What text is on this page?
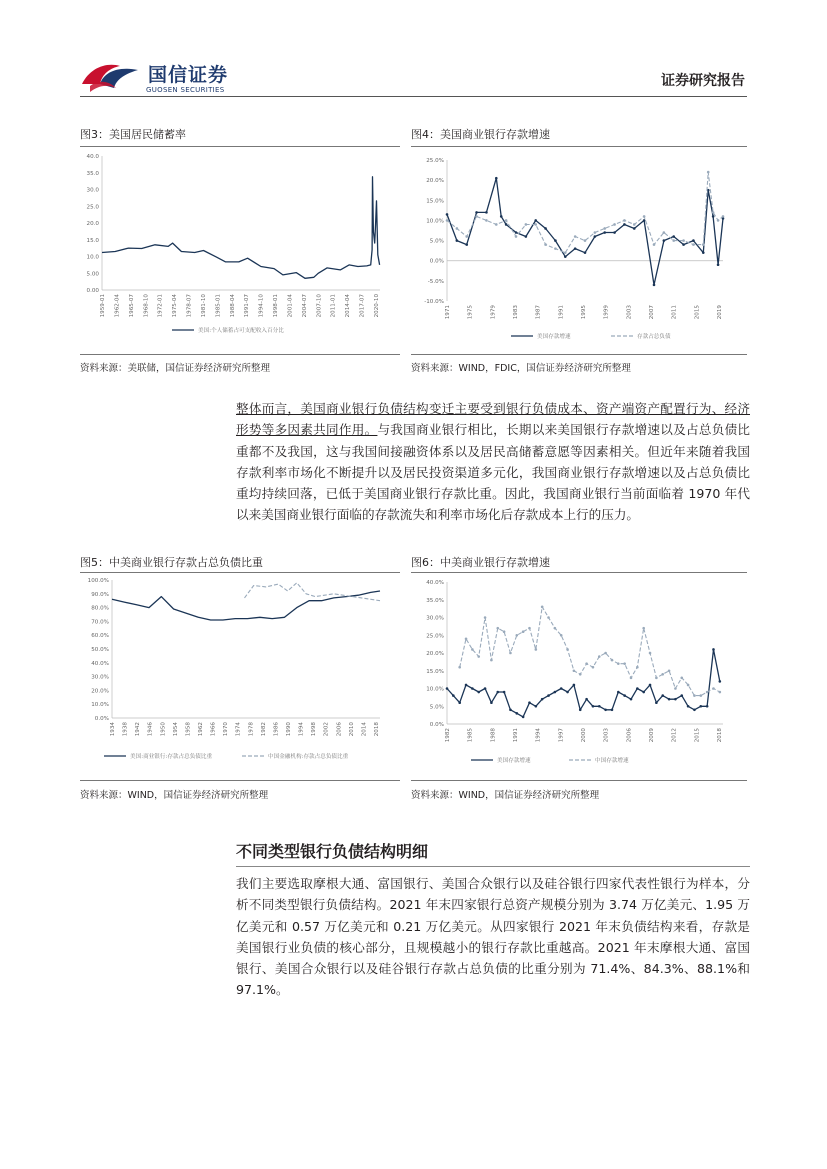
国信证券
GUOSEN SECURITIES
证券研究报告
图3：美国居民储蓄率
40.0
35.0
30.0
25.0
20.0
15.0
10.0
5.00
0.00
1959-01 1962-04 1965-07 1968-10 1972-01 1975-04 1978-07 1981-10 1985-01 1988-04 1991-07 1994-10 1998-01 2001-04 2004-07 2007-10 2011-01 2014-04 2017-07 2020-10
美国:个人储蓄占可支配收入百分比
资料来源：美联储，国信证券经济研究所整理
图4：美国商业银行存款增速
25.0%
20.0%
15.0%
10.0%
5.0%
0.0%
-5.0%
-10.0%
1971	1975	1979	1983	1987	1991	1995	1999	2003	2007	2011	2015	2019
美国存款增速	存款占总负债
资料来源：WIND，FDIC，国信证券经济研究所整理
整体而言，美国商业银行负债结构变迁主要受到银行负债成本、资产端资产配置行为、经济形势等多因素共同作用。与我国商业银行相比，长期以来美国银行存款增速以及占总负债比重都不及我国，这与我国间接融资体系以及居民高储蓄意愿等因素相关。但近年来随着我国存款利率市场化不断提升以及居民投资渠道多元化，我国商业银行存款增速以及占总负债比重均持续回落，已低于美国商业银行存款比重。因此，我国商业银行当前面临着 1970 年代以来美国商业银行面临的存款流失和利率市场化后存款成本上行的压力。
图5：中美商业银行存款占总负债比重
100.0%
90.0%
80.0%
70.0%
60.0%
50.0%
40.0%
30.0%
20.0%
10.0%
0.0%
1934 1938 1942 1946 1950 1954 1958 1962 1966 1970 1974 1978 1982 1986 1990 1994 1998 2002 2006 2010 2014 2018
美国:商业银行:存款占总负债比重	中国金融机构:存款占总负债比重
资料来源：WIND，国信证券经济研究所整理
图6：中美商业银行存款增速
40.0%
35.0%
30.0%
25.0%
20.0%
15.0%
10.0%
5.0%
0.0%
1982	1985	1988	1991	1994	1997	2000	2003	2006	2009	2012	2015	2018
美国存款增速	中国存款增速
资料来源：WIND，国信证券经济研究所整理
不同类型银行负债结构明细
我们主要选取摩根大通、富国银行、美国合众银行以及硅谷银行四家代表性银行为样本，分析不同类型银行负债结构。2021 年末四家银行总资产规模分别为 3.74 万亿美元、1.95 万亿美元和 0.57 万亿美元和 0.21 万亿美元。从四家银行 2021 年末负债结构来看，存款是美国银行业负债的核心部分，且规模越小的银行存款比重越高。2021 年末摩根大通、富国银行、美国合众银行以及硅谷银行存款占总负债的比重分别为 71.4%、84.3%、88.1%和 97.1%。
